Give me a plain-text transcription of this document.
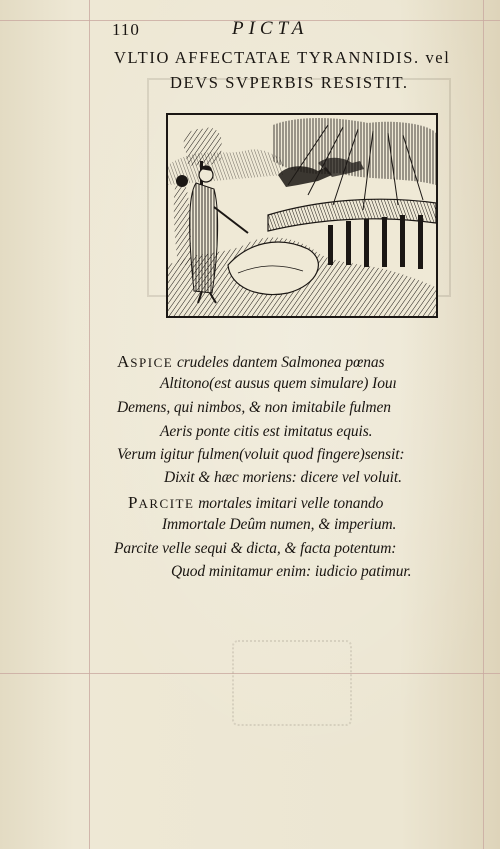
110	PICTA
VLTIO AFFECTATAE TYRANNIDIS. vel
DEVS SVPERBIS RESISTIT.
ASPICE crudeles dantem Salmonea pœnas
Altitono(est ausus quem simulare) Iouı
Demens, qui nimbos, & non imitabile fulmen
Aeris ponte citis est imitatus equis.
Verum igitur fulmen(voluit quod fingere)sensit:
Dixit & hæc moriens: dicere vel voluit.
PARCITE mortales imitari velle tonando
Immortale Deûm numen, & imperium.
Parcite velle sequi & dicta, & facta potentum:
Quod minitamur enim: iudicio patimur.
